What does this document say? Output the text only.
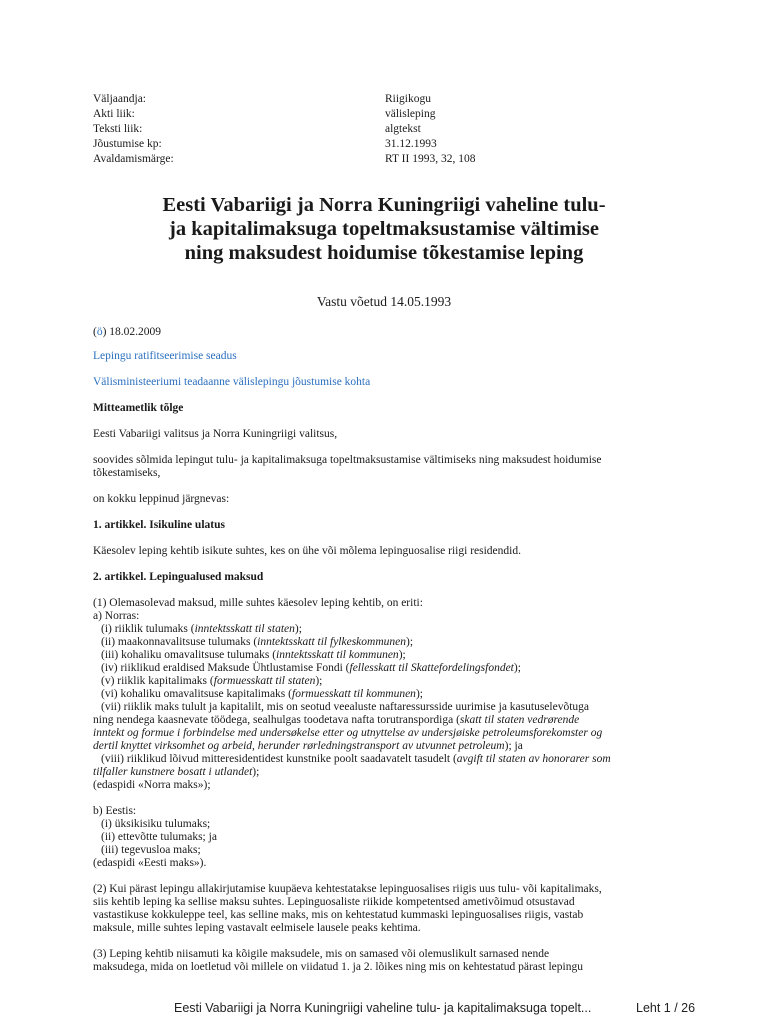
Väljaandja:	Riigikogu
Akti liik:	välisleping
Teksti liik:	algtekst
Jõustumise kp:	31.12.1993
Avaldamismärge:	RT II 1993, 32, 108
Eesti Vabariigi ja Norra Kuningriigi vaheline tulu-
ja kapitalimaksuga topeltmaksustamise vältimise
ning maksudest hoidumise tõkestamise leping
Vastu võetud 14.05.1993

(ö) 18.02.2009

Lepingu ratifitseerimise seadus

Välisministeeriumi teadaanne välislepingu jõustumise kohta

Mitteametlik tõlge

Eesti Vabariigi valitsus ja Norra Kuningriigi valitsus,

soovides sõlmida lepingut tulu- ja kapitalimaksuga topeltmaksustamise vältimiseks ning maksudest hoidumise
tõkestamiseks,

on kokku leppinud järgnevas:

1. artikkel. Isikuline ulatus

Käesolev leping kehtib isikute suhtes, kes on ühe või mõlema lepinguosalise riigi residendid.

2. artikkel. Lepingualused maksud

(1) Olemasolevad maksud, mille suhtes käesolev leping kehtib, on eriti:
a) Norras:
(i) riiklik tulumaks (inntektsskatt til staten);
(ii) maakonnavalitsuse tulumaks (inntektsskatt til fylkeskommunen);
(iii) kohaliku omavalitsuse tulumaks (inntektsskatt til kommunen);
(iv) riiklikud eraldised Maksude Ühtlustamise Fondi (fellesskatt til Skattefordelingsfondet);
(v) riiklik kapitalimaks (formuesskatt til staten);
(vi) kohaliku omavalitsuse kapitalimaks (formuesskatt til kommunen);
(vii) riiklik maks tulult ja kapitalilt, mis on seotud veealuste naftaressursside uurimise ja kasutuselevõtuga
ning nendega kaasnevate töödega, sealhulgas toodetava nafta torutranspordiga (skatt til staten vedrørende
inntekt og formue i forbindelse med undersøkelse etter og utnyttelse av undersjøiske petroleumsforekomster og
dertil knyttet virksomhet og arbeid, herunder rørledningstransport av utvunnet petroleum); ja
(viii) riiklikud lõivud mitteresidentidest kunstnike poolt saadavatelt tasudelt (avgift til staten av honorarer som
tilfaller kunstnere bosatt i utlandet);
(edaspidi «Norra maks»);
b) Eestis:
(i) üksikisiku tulumaks;
(ii) ettevõtte tulumaks; ja
(iii) tegevusloa maks;
(edaspidi «Eesti maks»).
(2) Kui pärast lepingu allakirjutamise kuupäeva kehtestatakse lepinguosalises riigis uus tulu- või kapitalimaks,
siis kehtib leping ka sellise maksu suhtes. Lepinguosaliste riikide kompetentsed ametivõimud otsustavad
vastastikuse kokkuleppe teel, kas selline maks, mis on kehtestatud kummaski lepinguosalises riigis, vastab
maksule, mille suhtes leping vastavalt eelmisele lausele peaks kehtima.
(3) Leping kehtib niisamuti ka kõigile maksudele, mis on samased või olemuslikult sarnased nende
maksudega, mida on loetletud või millele on viidatud 1. ja 2. lõikes ning mis on kehtestatud pärast lepingu
Eesti Vabariigi ja Norra Kuningriigi vaheline tulu- ja kapitalimaksuga topelt...	Leht 1 / 26
